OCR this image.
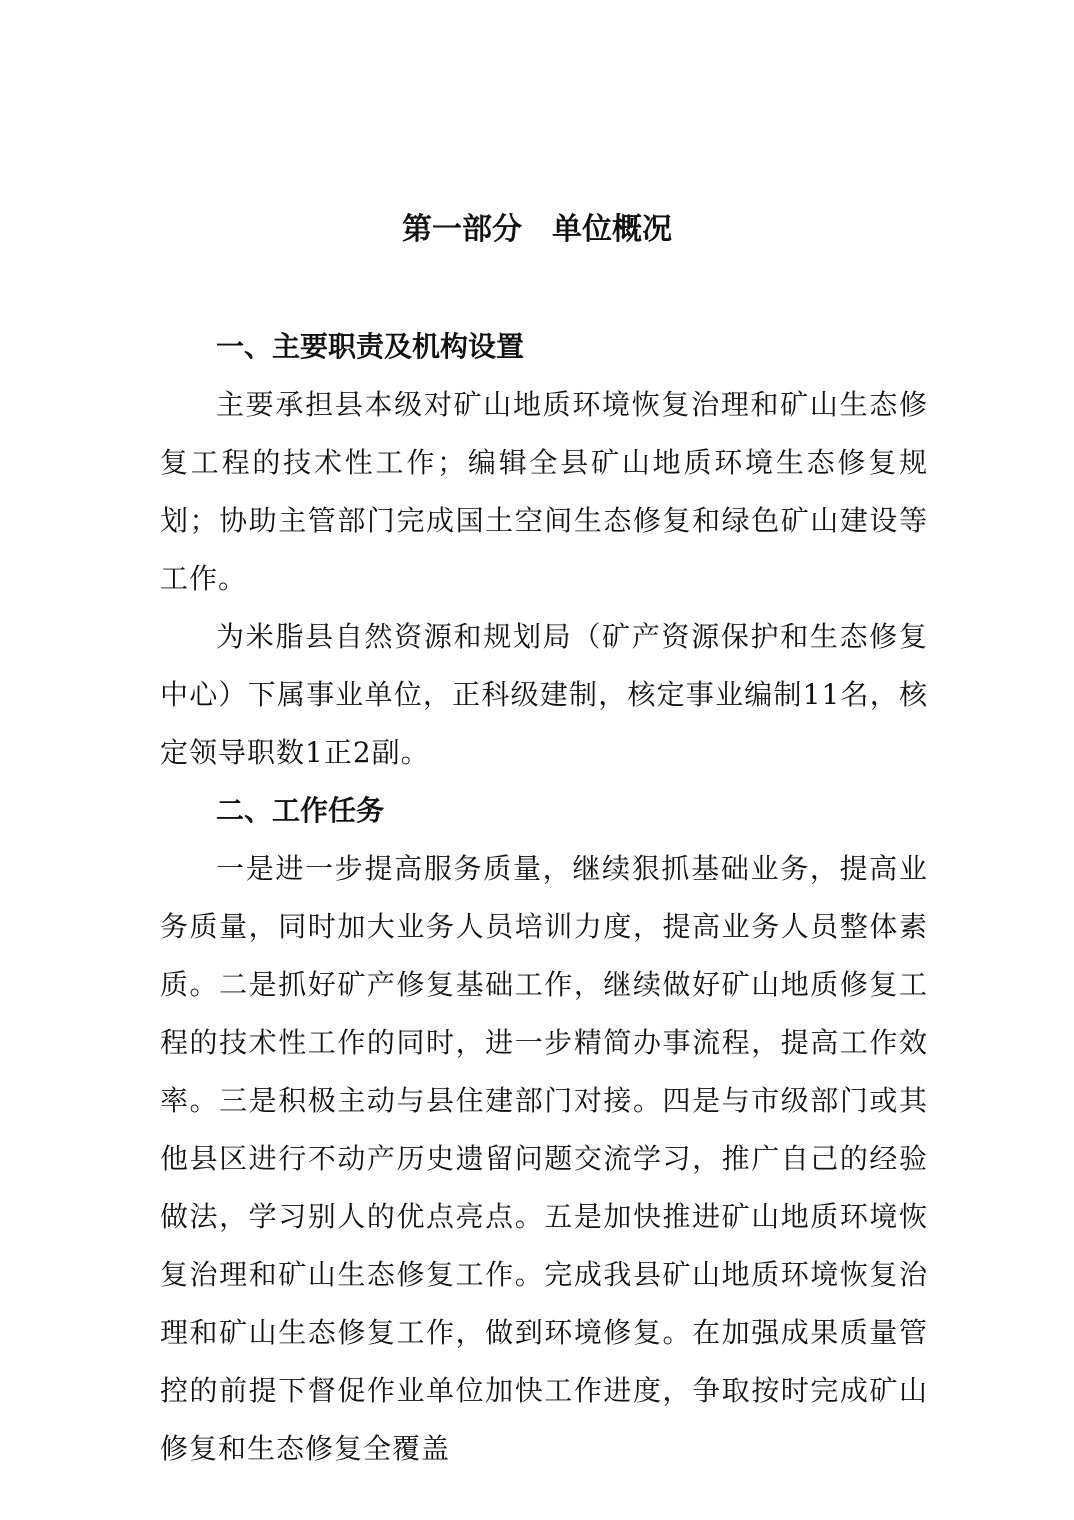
第一部分　单位概况
一、主要职责及机构设置

主要承担县本级对矿山地质环境恢复治理和矿山生态修复工程的技术性工作；编辑全县矿山地质环境生态修复规划；协助主管部门完成国土空间生态修复和绿色矿山建设等工作。

为米脂县自然资源和规划局（矿产资源保护和生态修复中心）下属事业单位，正科级建制，核定事业编制11名，核定领导职数1正2副。

二、工作任务

一是进一步提高服务质量，继续狠抓基础业务，提高业务质量，同时加大业务人员培训力度，提高业务人员整体素质。二是抓好矿产修复基础工作，继续做好矿山地质修复工程的技术性工作的同时，进一步精简办事流程，提高工作效率。三是积极主动与县住建部门对接。四是与市级部门或其他县区进行不动产历史遗留问题交流学习，推广自己的经验做法，学习别人的优点亮点。五是加快推进矿山地质环境恢复治理和矿山生态修复工作。完成我县矿山地质环境恢复治理和矿山生态修复工作，做到环境修复。在加强成果质量管控的前提下督促作业单位加快工作进度，争取按时完成矿山修复和生态修复全覆盖
